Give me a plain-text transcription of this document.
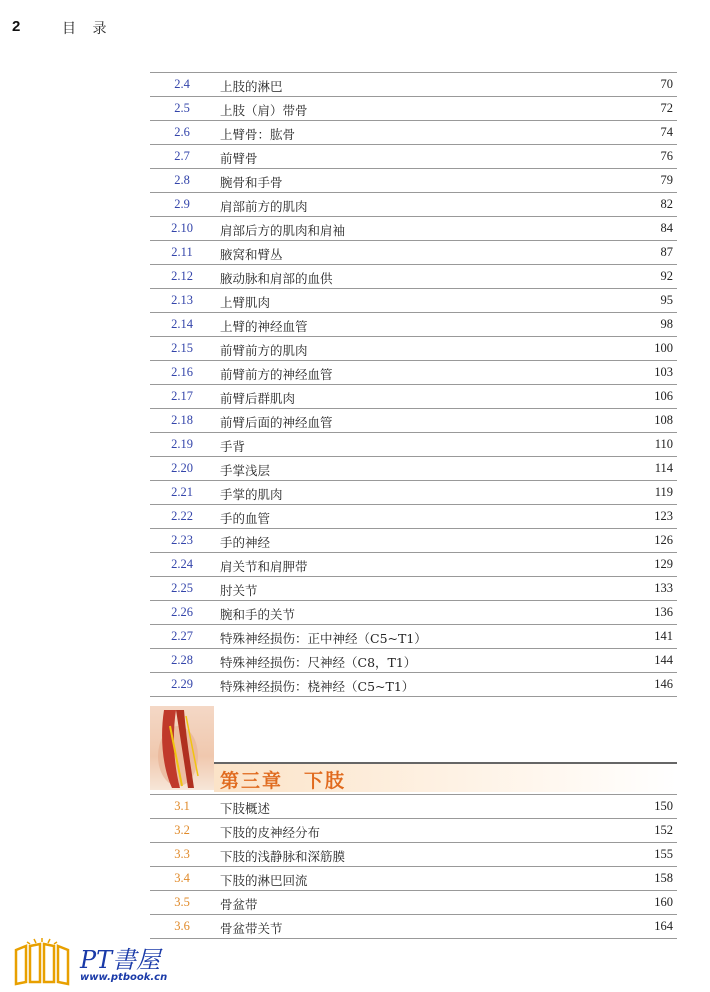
2	目 录
2.4	上肢的淋巴	70
2.5	上肢（肩）带骨	72
2.6	上臂骨：肱骨	74
2.7	前臂骨	76
2.8	腕骨和手骨	79
2.9	肩部前方的肌肉	82
2.10	肩部后方的肌肉和肩袖	84
2.11	腋窝和臂丛	87
2.12	腋动脉和肩部的血供	92
2.13	上臂肌肉	95
2.14	上臂的神经血管	98
2.15	前臂前方的肌肉	100
2.16	前臂前方的神经血管	103
2.17	前臂后群肌肉	106
2.18	前臂后面的神经血管	108
2.19	手背	110
2.20	手掌浅层	114
2.21	手掌的肌肉	119
2.22	手的血管	123
2.23	手的神经	126
2.24	肩关节和肩胛带	129
2.25	肘关节	133
2.26	腕和手的关节	136
2.27	特殊神经损伤：正中神经（C5~T1）	141
2.28	特殊神经损伤：尺神经（C8，T1）	144
2.29	特殊神经损伤：桡神经（C5~T1）	146
第三章　下肢
3.1	下肢概述	150
3.2	下肢的皮神经分布	152
3.3	下肢的浅静脉和深筋膜	155
3.4	下肢的淋巴回流	158
3.5	骨盆带	160
3.6	骨盆带关节	164
PT書屋
www.ptbook.cn
